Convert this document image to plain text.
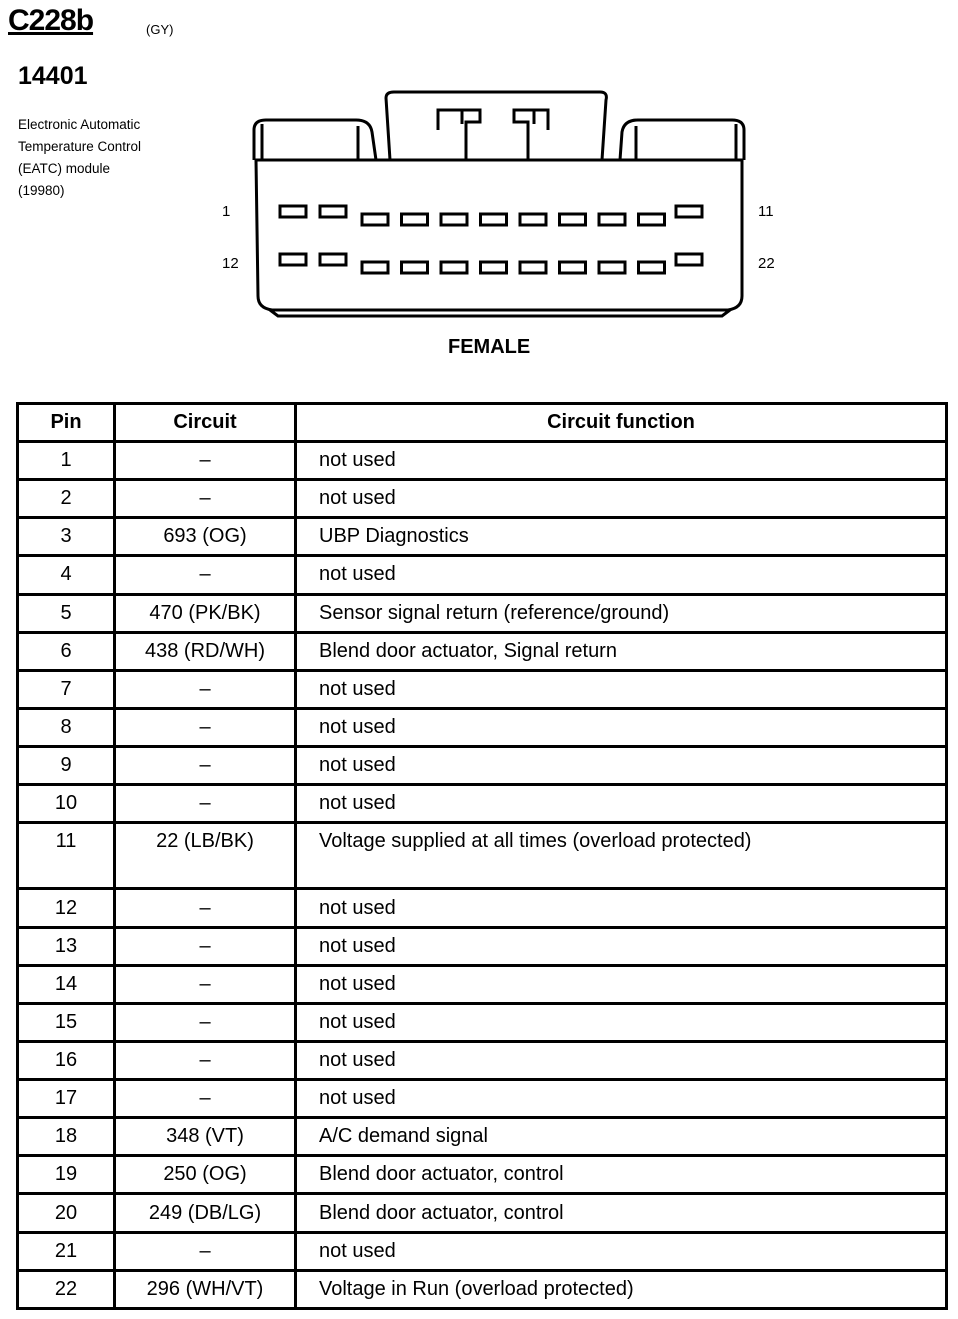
C228b	(GY)
14401
Electronic Automatic
Temperature Control
(EATC) module
(19980)
1	11
12	22
FEMALE
Pin	Circuit	Circuit function
1	–	not used
2	–	not used
3	693 (OG)	UBP Diagnostics
4	–	not used
5	470 (PK/BK)	Sensor signal return (reference/ground)
6	438 (RD/WH)	Blend door actuator, Signal return
7	–	not used
8	–	not used
9	–	not used
10	–	not used
11	22 (LB/BK)	Voltage supplied at all times (overload protected)
12	–	not used
13	–	not used
14	–	not used
15	–	not used
16	–	not used
17	–	not used
18	348 (VT)	A/C demand signal
19	250 (OG)	Blend door actuator, control
20	249 (DB/LG)	Blend door actuator, control
21	–	not used
22	296 (WH/VT)	Voltage in Run (overload protected)
